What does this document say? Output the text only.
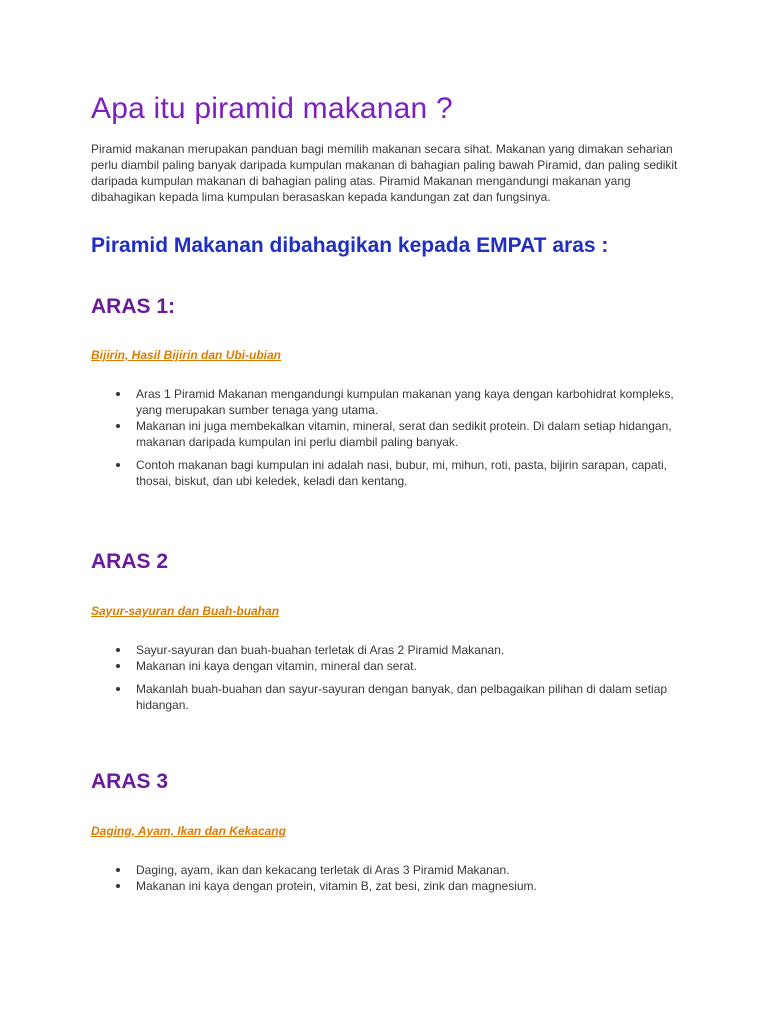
Apa itu piramid makanan ?

Piramid makanan merupakan panduan bagi memilih makanan secara sihat. Makanan yang dimakan seharian perlu diambil paling banyak daripada kumpulan makanan di bahagian paling bawah Piramid, dan paling sedikit daripada kumpulan makanan di bahagian paling atas. Piramid Makanan mengandungi makanan yang dibahagikan kepada lima kumpulan berasaskan kepada kandungan zat dan fungsinya.

Piramid Makanan dibahagikan kepada EMPAT aras :
ARAS 1:
Bijirin, Hasil Bijirin dan Ubi-ubian
Aras 1 Piramid Makanan mengandungi kumpulan makanan yang kaya dengan karbohidrat kompleks, yang merupakan sumber tenaga yang utama.
Makanan ini juga membekalkan vitamin, mineral, serat dan sedikit protein. Di dalam setiap hidangan, makanan daripada kumpulan ini perlu diambil paling banyak.
Contoh makanan bagi kumpulan ini adalah nasi, bubur, mi, mihun, roti, pasta, bijirin sarapan, capati, thosai, biskut, dan ubi keledek, keladi dan kentang.
ARAS 2
Sayur-sayuran dan Buah-buahan
Sayur-sayuran dan buah-buahan terletak di Aras 2 Piramid Makanan.
Makanan ini kaya dengan vitamin, mineral dan serat.
Makanlah buah-buahan dan sayur-sayuran dengan banyak, dan pelbagaikan pilihan di dalam setiap hidangan.
ARAS 3
Daging, Ayam, Ikan dan Kekacang
Daging, ayam, ikan dan kekacang terletak di Aras 3 Piramid Makanan.
Makanan ini kaya dengan protein, vitamin B, zat besi, zink dan magnesium.
